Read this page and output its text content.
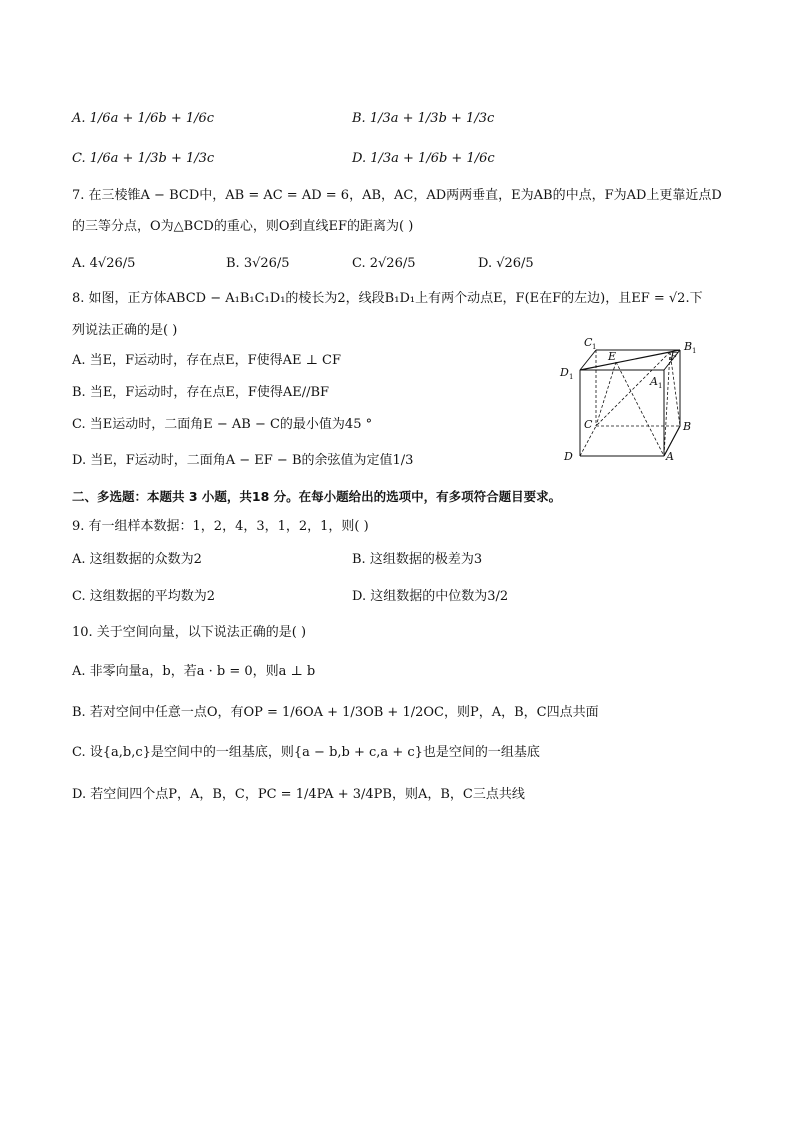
A. 1/6a + 1/6b + 1/6c	B. 1/3a + 1/3b + 1/3c
C. 1/6a + 1/3b + 1/3c	D. 1/3a + 1/6b + 1/6c
7. 在三棱锥A − BCD中，AB = AC = AD = 6，AB，AC，AD两两垂直，E为AB的中点，F为AD上更靠近点D
的三等分点，O为△BCD的重心，则O到直线EF的距离为( )
A. 4√26/5	B. 3√26/5	C. 2√26/5	D. √26/5
8. 如图，正方体ABCD − A₁B₁C₁D₁的棱长为2，线段B₁D₁上有两个动点E，F(E在F的左边)，且EF = √2.下
列说法正确的是( )
A. 当E，F运动时，存在点E，F使得AE ⊥ CF
B. 当E，F运动时，存在点E，F使得AE//BF
C. 当E运动时，二面角E − AB − C的最小值为45 °
D. 当E，F运动时，二面角A − EF − B的余弦值为定值1/3
C 1	B 1
E	F
D 1	A 1
C	B
D	A
二、多选题：本题共 3 小题，共18 分。在每小题给出的选项中，有多项符合题目要求。
9. 有一组样本数据：1，2，4，3，1，2，1，则( )
A. 这组数据的众数为2	B. 这组数据的极差为3
C. 这组数据的平均数为2	D. 这组数据的中位数为3/2
10. 关于空间向量，以下说法正确的是( )
A. 非零向量a，b，若a · b = 0，则a ⊥ b
B. 若对空间中任意一点O，有OP = 1/6OA + 1/3OB + 1/2OC，则P，A，B，C四点共面
C. 设{a,b,c}是空间中的一组基底，则{a − b,b + c,a + c}也是空间的一组基底
D. 若空间四个点P，A，B，C，PC = 1/4PA + 3/4PB，则A，B，C三点共线
